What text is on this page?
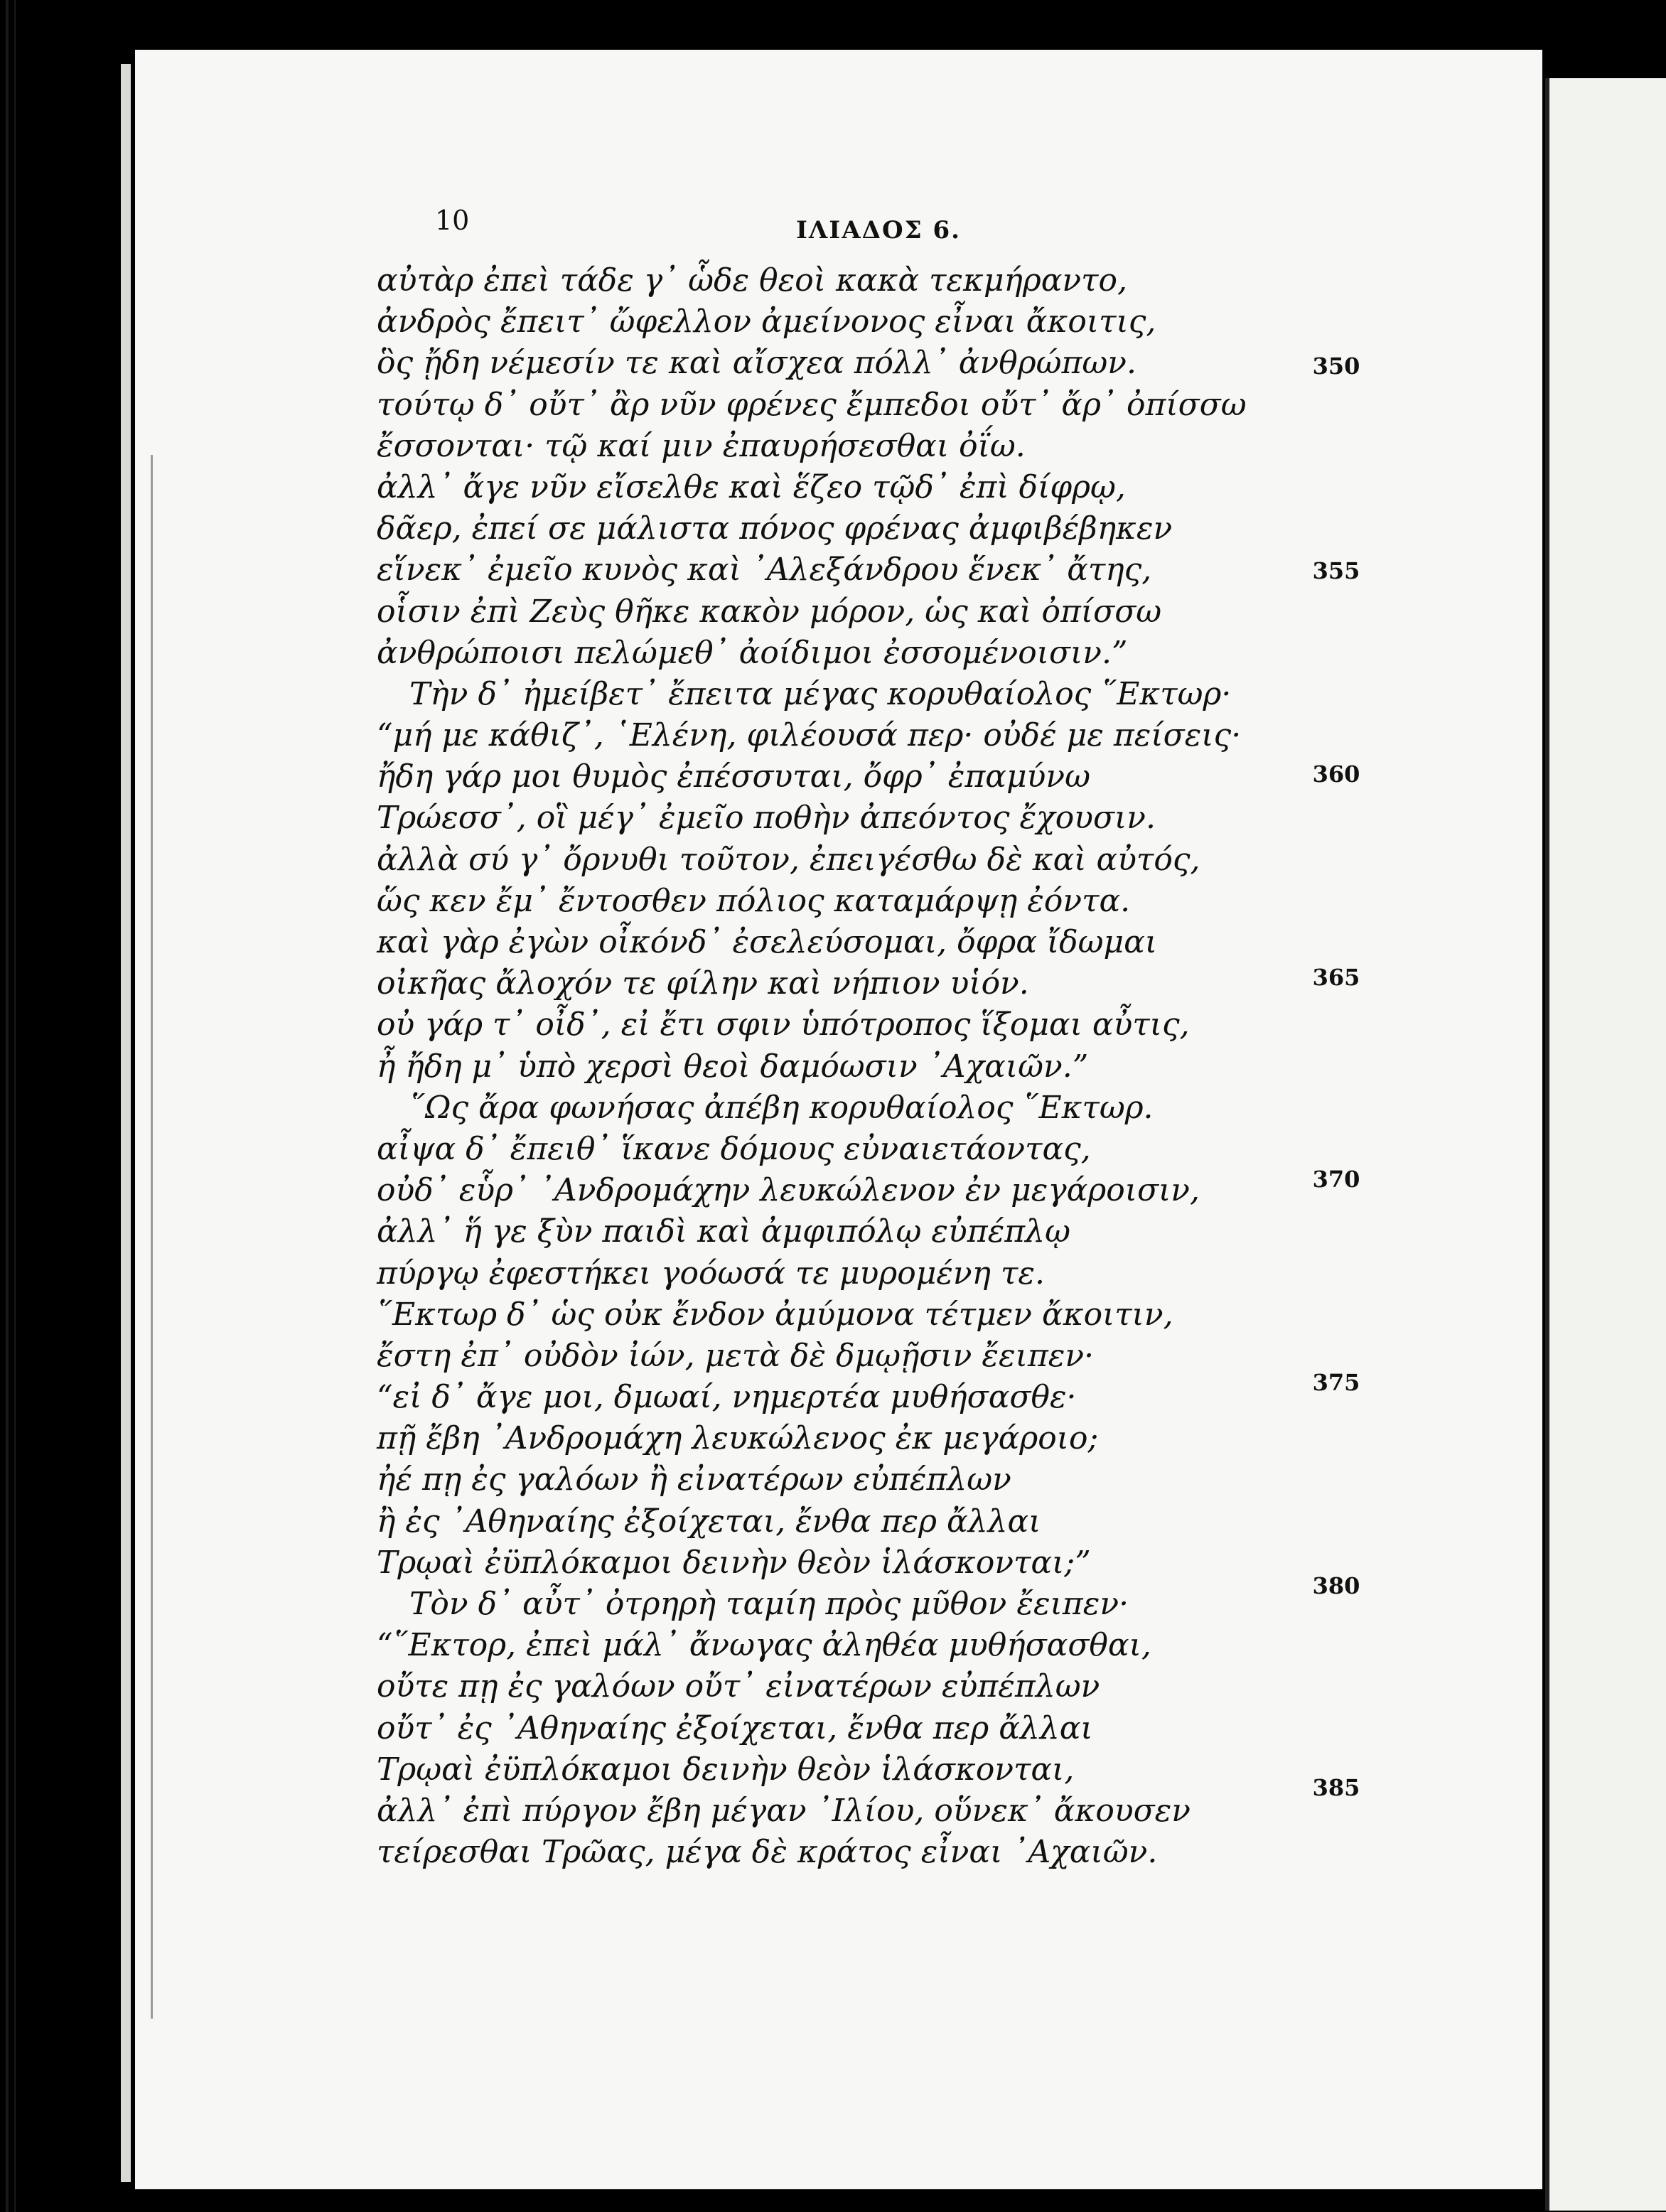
10	ΙΛΙΑΔΟΣ 6.
αὐτὰρ ἐπεὶ τάδε γ᾽ ὧδε θεοὶ κακὰ τεκμήραντο,
ἀνδρὸς ἔπειτ᾽ ὤφελλον ἀμείνονος εἶναι ἄκοιτις,
ὃς ᾔδη νέμεσίν τε καὶ αἴσχεα πόλλ᾽ ἀνθρώπων.
τούτῳ δ᾽ οὔτ᾽ ἂρ νῦν φρένες ἔμπεδοι οὔτ᾽ ἄρ᾽ ὀπίσσω
ἔσσονται· τῷ καί μιν ἐπαυρήσεσθαι ὀΐω.
ἀλλ᾽ ἄγε νῦν εἴσελθε καὶ ἕζεο τῷδ᾽ ἐπὶ δίφρῳ,
δᾶερ, ἐπεί σε μάλιστα πόνος φρένας ἀμφιβέβηκεν
εἵνεκ᾽ ἐμεῖο κυνὸς καὶ ᾽Αλεξάνδρου ἕνεκ᾽ ἄτης,
οἷσιν ἐπὶ Ζεὺς θῆκε κακὸν μόρον, ὡς καὶ ὀπίσσω
ἀνθρώποισι πελώμεθ᾽ ἀοίδιμοι ἐσσομένοισιν.”
Τὴν δ᾽ ἠμείβετ᾽ ἔπειτα μέγας κορυθαίολος ῞Εκτωρ·
“μή με κάθιζ᾽, ῾Ελένη, φιλέουσά περ· οὐδέ με πείσεις·
ἤδη γάρ μοι θυμὸς ἐπέσσυται, ὄφρ᾽ ἐπαμύνω
Τρώεσσ᾽, οἳ μέγ᾽ ἐμεῖο ποθὴν ἀπεόντος ἔχουσιν.
ἀλλὰ σύ γ᾽ ὄρνυθι τοῦτον, ἐπειγέσθω δὲ καὶ αὐτός,
ὥς κεν ἔμ᾽ ἔντοσθεν πόλιος καταμάρψῃ ἐόντα.
καὶ γὰρ ἐγὼν οἶκόνδ᾽ ἐσελεύσομαι, ὄφρα ἴδωμαι
οἰκῆας ἄλοχόν τε φίλην καὶ νήπιον υἱόν.
οὐ γάρ τ᾽ οἶδ᾽, εἰ ἔτι σφιν ὑπότροπος ἵξομαι αὖτις,
ἦ ἤδη μ᾽ ὑπὸ χερσὶ θεοὶ δαμόωσιν ᾽Αχαιῶν.”
῞Ως ἄρα φωνήσας ἀπέβη κορυθαίολος ῞Εκτωρ.
αἶψα δ᾽ ἔπειθ᾽ ἵκανε δόμους εὐναιετάοντας,
οὐδ᾽ εὗρ᾽ ᾽Ανδρομάχην λευκώλενον ἐν μεγάροισιν,
ἀλλ᾽ ἥ γε ξὺν παιδὶ καὶ ἀμφιπόλῳ εὐπέπλῳ
πύργῳ ἐφεστήκει γοόωσά τε μυρομένη τε.
῞Εκτωρ δ᾽ ὡς οὐκ ἔνδον ἀμύμονα τέτμεν ἄκοιτιν,
ἔστη ἐπ᾽ οὐδὸν ἰών, μετὰ δὲ δμῳῇσιν ἔειπεν·
“εἰ δ᾽ ἄγε μοι, δμωαί, νημερτέα μυθήσασθε·
πῇ ἔβη ᾽Ανδρομάχη λευκώλενος ἐκ μεγάροιο;
ἠέ πῃ ἐς γαλόων ἢ εἰνατέρων εὐπέπλων
ἢ ἐς ᾽Αθηναίης ἐξοίχεται, ἔνθα περ ἄλλαι
Τρῳαὶ ἐϋπλόκαμοι δεινὴν θεὸν ἱλάσκονται;”
Τὸν δ᾽ αὖτ᾽ ὀτρηρὴ ταμίη πρὸς μῦθον ἔειπεν·
“῞Εκτορ, ἐπεὶ μάλ᾽ ἄνωγας ἀληθέα μυθήσασθαι,
οὔτε πῃ ἐς γαλόων οὔτ᾽ εἰνατέρων εὐπέπλων
οὔτ᾽ ἐς ᾽Αθηναίης ἐξοίχεται, ἔνθα περ ἄλλαι
Τρῳαὶ ἐϋπλόκαμοι δεινὴν θεὸν ἱλάσκονται,
ἀλλ᾽ ἐπὶ πύργον ἔβη μέγαν ᾽Ιλίου, οὕνεκ᾽ ἄκουσεν
τείρεσθαι Τρῶας, μέγα δὲ κράτος εἶναι ᾽Αχαιῶν.
350
355
360
365
370
375
380
385
